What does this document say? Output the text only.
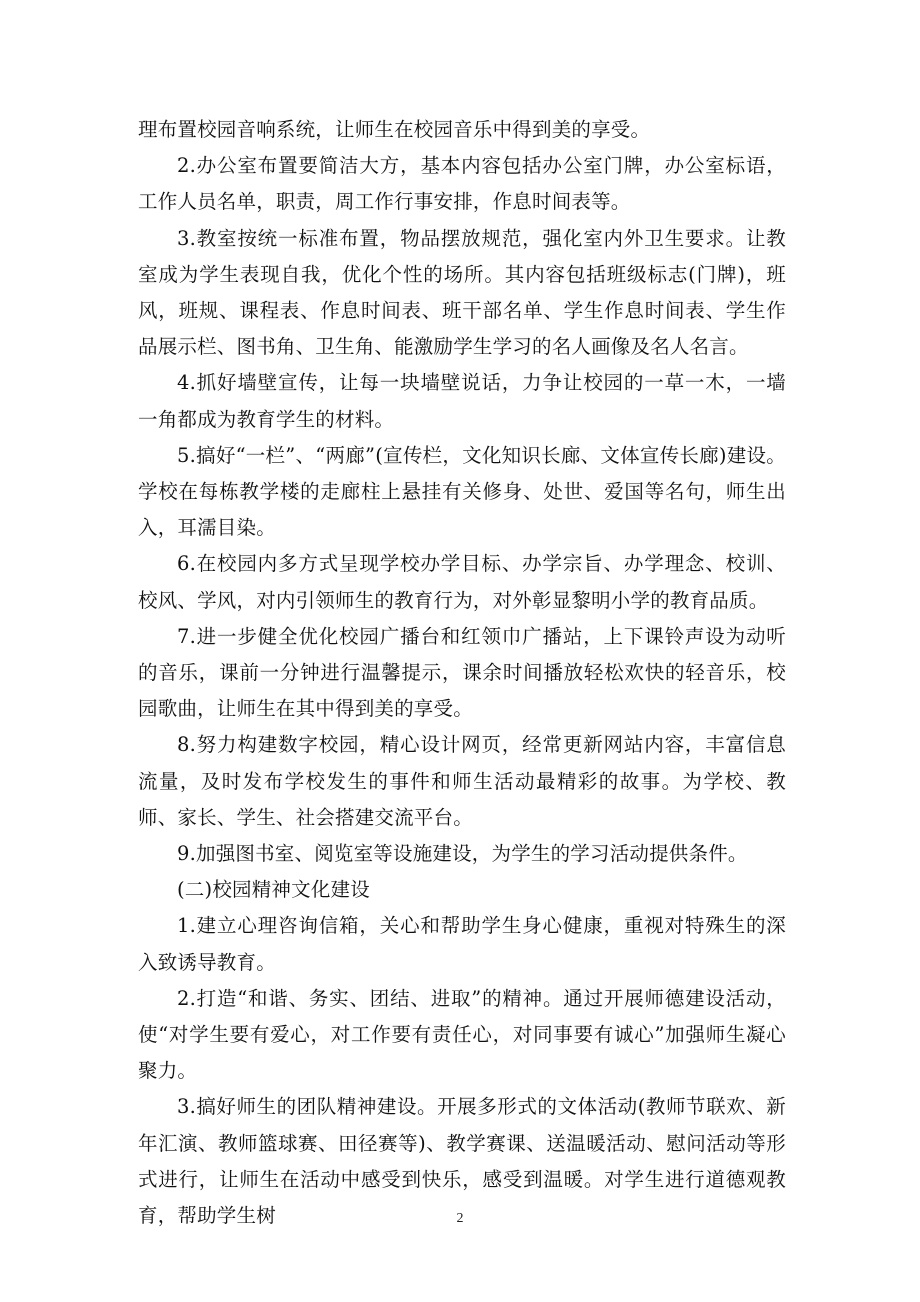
理布置校园音响系统，让师生在校园音乐中得到美的享受。

2.办公室布置要简洁大方，基本内容包括办公室门牌，办公室标语，工作人员名单，职责，周工作行事安排，作息时间表等。

3.教室按统一标准布置，物品摆放规范，强化室内外卫生要求。让教室成为学生表现自我，优化个性的场所。其内容包括班级标志(门牌)，班风，班规、课程表、作息时间表、班干部名单、学生作息时间表、学生作品展示栏、图书角、卫生角、能激励学生学习的名人画像及名人名言。

4.抓好墙壁宣传，让每一块墙壁说话，力争让校园的一草一木，一墙一角都成为教育学生的材料。

5.搞好“一栏”、“两廊”(宣传栏，文化知识长廊、文体宣传长廊)建设。学校在每栋教学楼的走廊柱上悬挂有关修身、处世、爱国等名句，师生出入，耳濡目染。

6.在校园内多方式呈现学校办学目标、办学宗旨、办学理念、校训、校风、学风，对内引领师生的教育行为，对外彰显黎明小学的教育品质。

7.进一步健全优化校园广播台和红领巾广播站，上下课铃声设为动听的音乐，课前一分钟进行温馨提示，课余时间播放轻松欢快的轻音乐，校园歌曲，让师生在其中得到美的享受。

8.努力构建数字校园，精心设计网页，经常更新网站内容，丰富信息流量，及时发布学校发生的事件和师生活动最精彩的故事。为学校、教师、家长、学生、社会搭建交流平台。

9.加强图书室、阅览室等设施建设，为学生的学习活动提供条件。

(二)校园精神文化建设

1.建立心理咨询信箱，关心和帮助学生身心健康，重视对特殊生的深入致诱导教育。

2.打造“和谐、务实、团结、进取”的精神。通过开展师德建设活动，使“对学生要有爱心，对工作要有责任心，对同事要有诚心”加强师生凝心聚力。

3.搞好师生的团队精神建设。开展多形式的文体活动(教师节联欢、新年汇演、教师篮球赛、田径赛等)、教学赛课、送温暖活动、慰问活动等形式进行，让师生在活动中感受到快乐，感受到温暖。对学生进行道德观教育，帮助学生树	2
